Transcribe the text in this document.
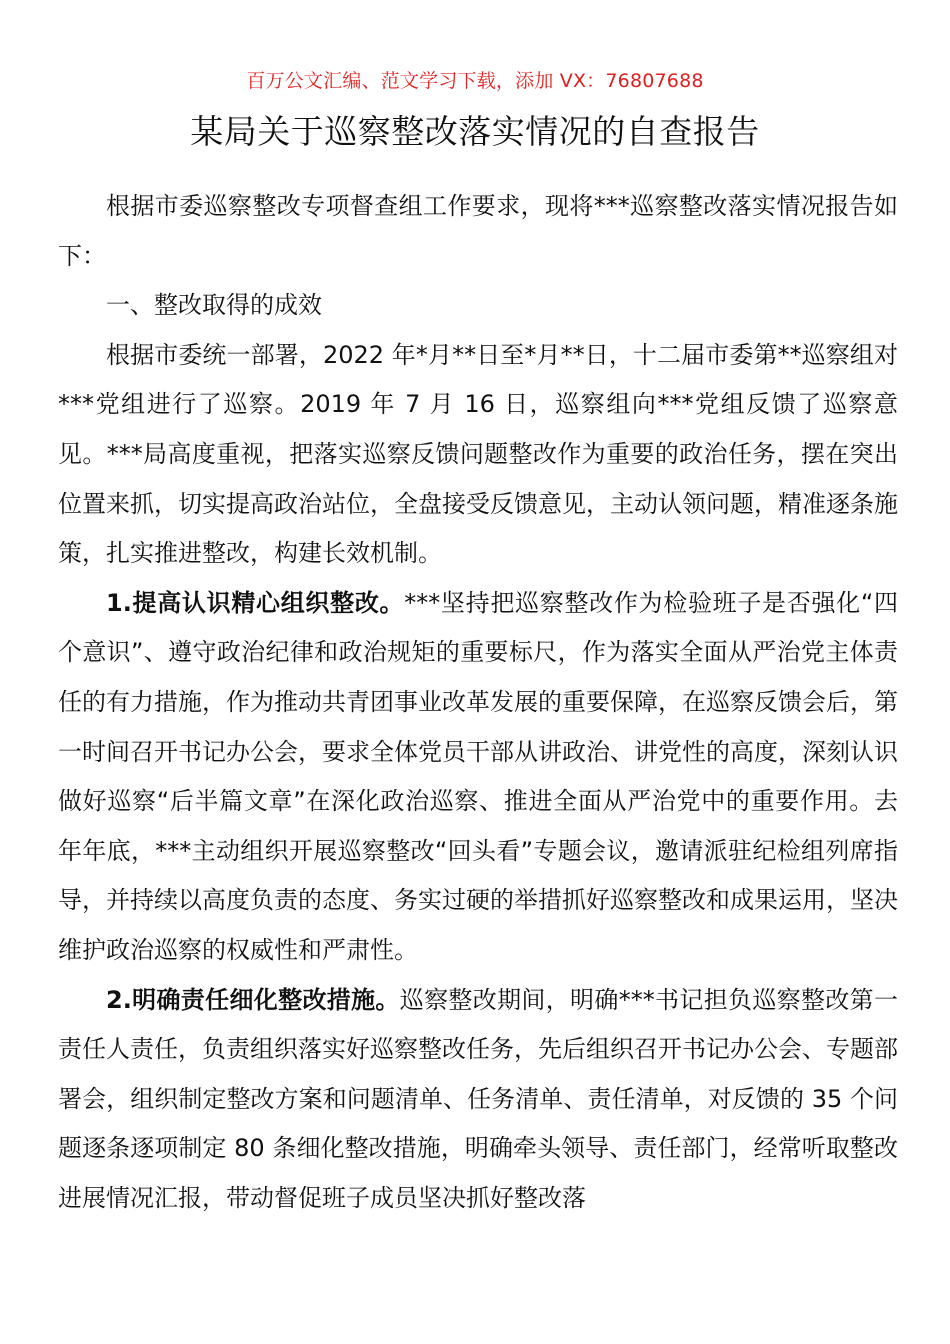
百万公文汇编、范文学习下载，添加 VX：76807688
某局关于巡察整改落实情况的自查报告

根据市委巡察整改专项督查组工作要求，现将***巡察整改落实情况报告如下：

一、整改取得的成效

根据市委统一部署，2022 年*月**日至*月**日，十二届市委第**巡察组对***党组进行了巡察。2019 年 7 月 16 日，巡察组向***党组反馈了巡察意见。***局高度重视，把落实巡察反馈问题整改作为重要的政治任务，摆在突出位置来抓，切实提高政治站位，全盘接受反馈意见，主动认领问题，精准逐条施策，扎实推进整改，构建长效机制。

1.提高认识精心组织整改。***坚持把巡察整改作为检验班子是否强化“四个意识”、遵守政治纪律和政治规矩的重要标尺，作为落实全面从严治党主体责任的有力措施，作为推动共青团事业改革发展的重要保障，在巡察反馈会后，第一时间召开书记办公会，要求全体党员干部从讲政治、讲党性的高度，深刻认识做好巡察“后半篇文章”在深化政治巡察、推进全面从严治党中的重要作用。去年年底，***主动组织开展巡察整改“回头看”专题会议，邀请派驻纪检组列席指导，并持续以高度负责的态度、务实过硬的举措抓好巡察整改和成果运用，坚决维护政治巡察的权威性和严肃性。

2.明确责任细化整改措施。巡察整改期间，明确***书记担负巡察整改第一责任人责任，负责组织落实好巡察整改任务，先后组织召开书记办公会、专题部署会，组织制定整改方案和问题清单、任务清单、责任清单，对反馈的 35 个问题逐条逐项制定 80 条细化整改措施，明确牵头领导、责任部门，经常听取整改进展情况汇报，带动督促班子成员坚决抓好整改落
